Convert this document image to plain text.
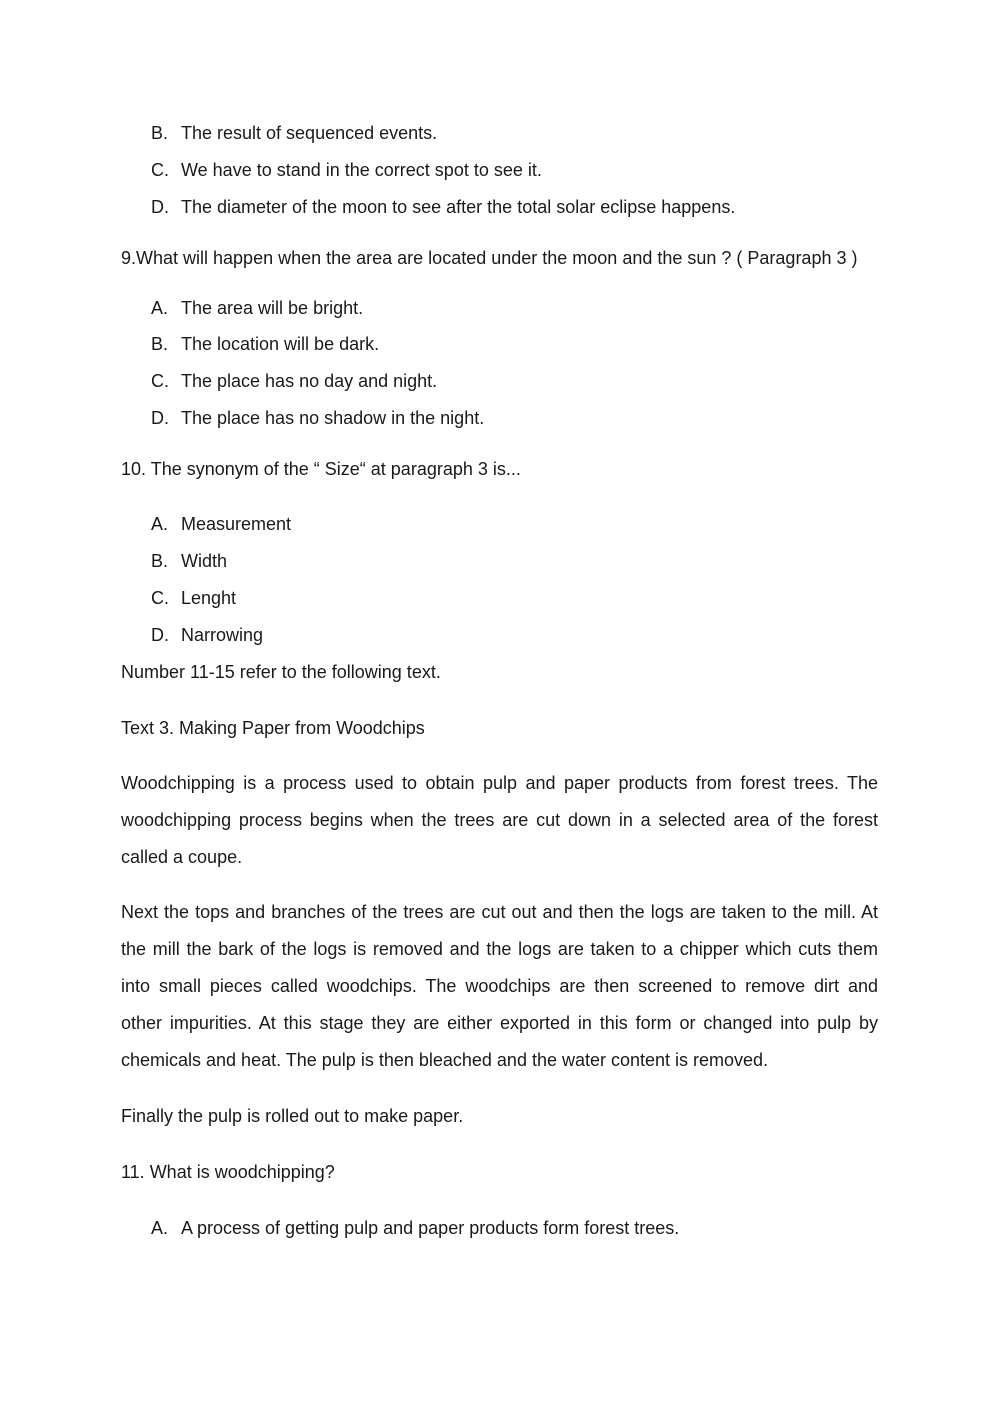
B. The result of sequenced events.
C. We have to stand in the correct spot to see it.
D. The diameter of the moon to see after the total solar eclipse happens.
9.What will happen when the area are located under the moon and the sun ? ( Paragraph 3 )
A. The area will be bright.
B. The location will be dark.
C. The place has no day and night.
D. The place has no shadow in the night.
10. The synonym of the “ Size“ at paragraph 3 is...
A. Measurement
B. Width
C. Lenght
D. Narrowing
Number 11-15 refer to the following text.
Text 3. Making Paper from Woodchips
Woodchipping is a process used to obtain pulp and paper products from forest trees. The
woodchipping process begins when the trees are cut down in a selected area of the forest
called a coupe.
Next the tops and branches of the trees are cut out and then the logs are taken to the mill. At
the mill the bark of the logs is removed and the logs are taken to a chipper which cuts them
into small pieces called woodchips. The woodchips are then screened to remove dirt and
other impurities. At this stage they are either exported in this form or changed into pulp by
chemicals and heat. The pulp is then bleached and the water content is removed.
Finally the pulp is rolled out to make paper.
11. What is woodchipping?
A. A process of getting pulp and paper products form forest trees.
